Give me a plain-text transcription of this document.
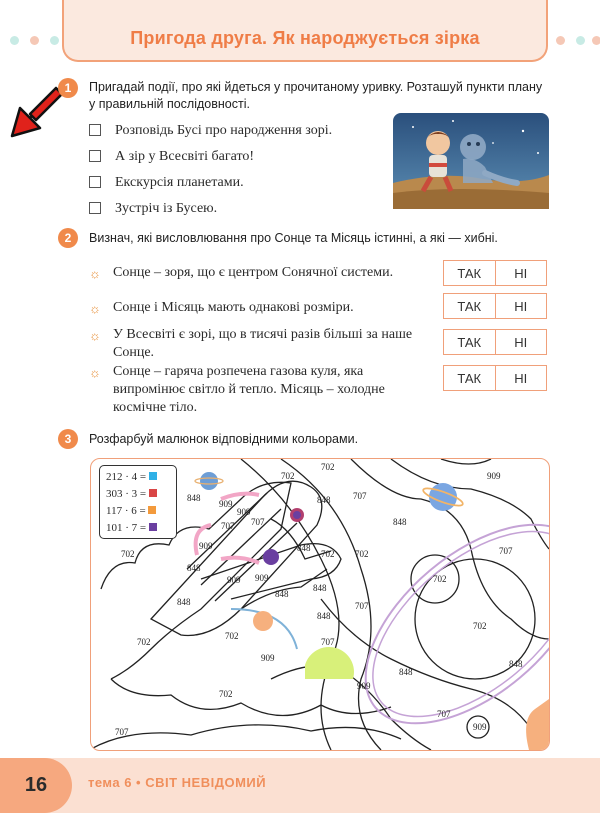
Пригода друга. Як народжується зірка
1	Пригадай події, про які йдеться у прочитаному уривку. Розташуй пункти плану у правильній послідовності.
Розповідь Бусі про народження зорі.
А зір у Всесвіті багато!
Екскурсія планетами.
Зустріч із Бусею.
2	Визнач, які висловлювання про Сонце та Місяць істинні, а які — хибні.
☼ Сонце – зоря, що є центром Сонячної системи.	ТАК	НІ
☼ Сонце і Місяць мають однакові розміри.	ТАК	НІ
☼ У Всесвіті є зорі, що в тисячі разів більші за наше
Сонце.
ТАК	НІ
☼ Сонце – гаряча розпечена газова куля, яка
випромінює світло й тепло. Місяць – холодне
космічне тіло.
ТАК	НІ
3	Розфарбуй малюнок відповідними кольорами.
702
848
909
702
707
909
707
909
707
848
909
848
702	702 702
848
707
848
909
909	702
848
848
702
848
848
707
702
702
909
707
848
702
848
909
707
707	909
212 · 4 =
303 · 3 =
117 · 6 =
101 · 7 =
16	тема 6 • СВІТ НЕВІДОМИЙ
